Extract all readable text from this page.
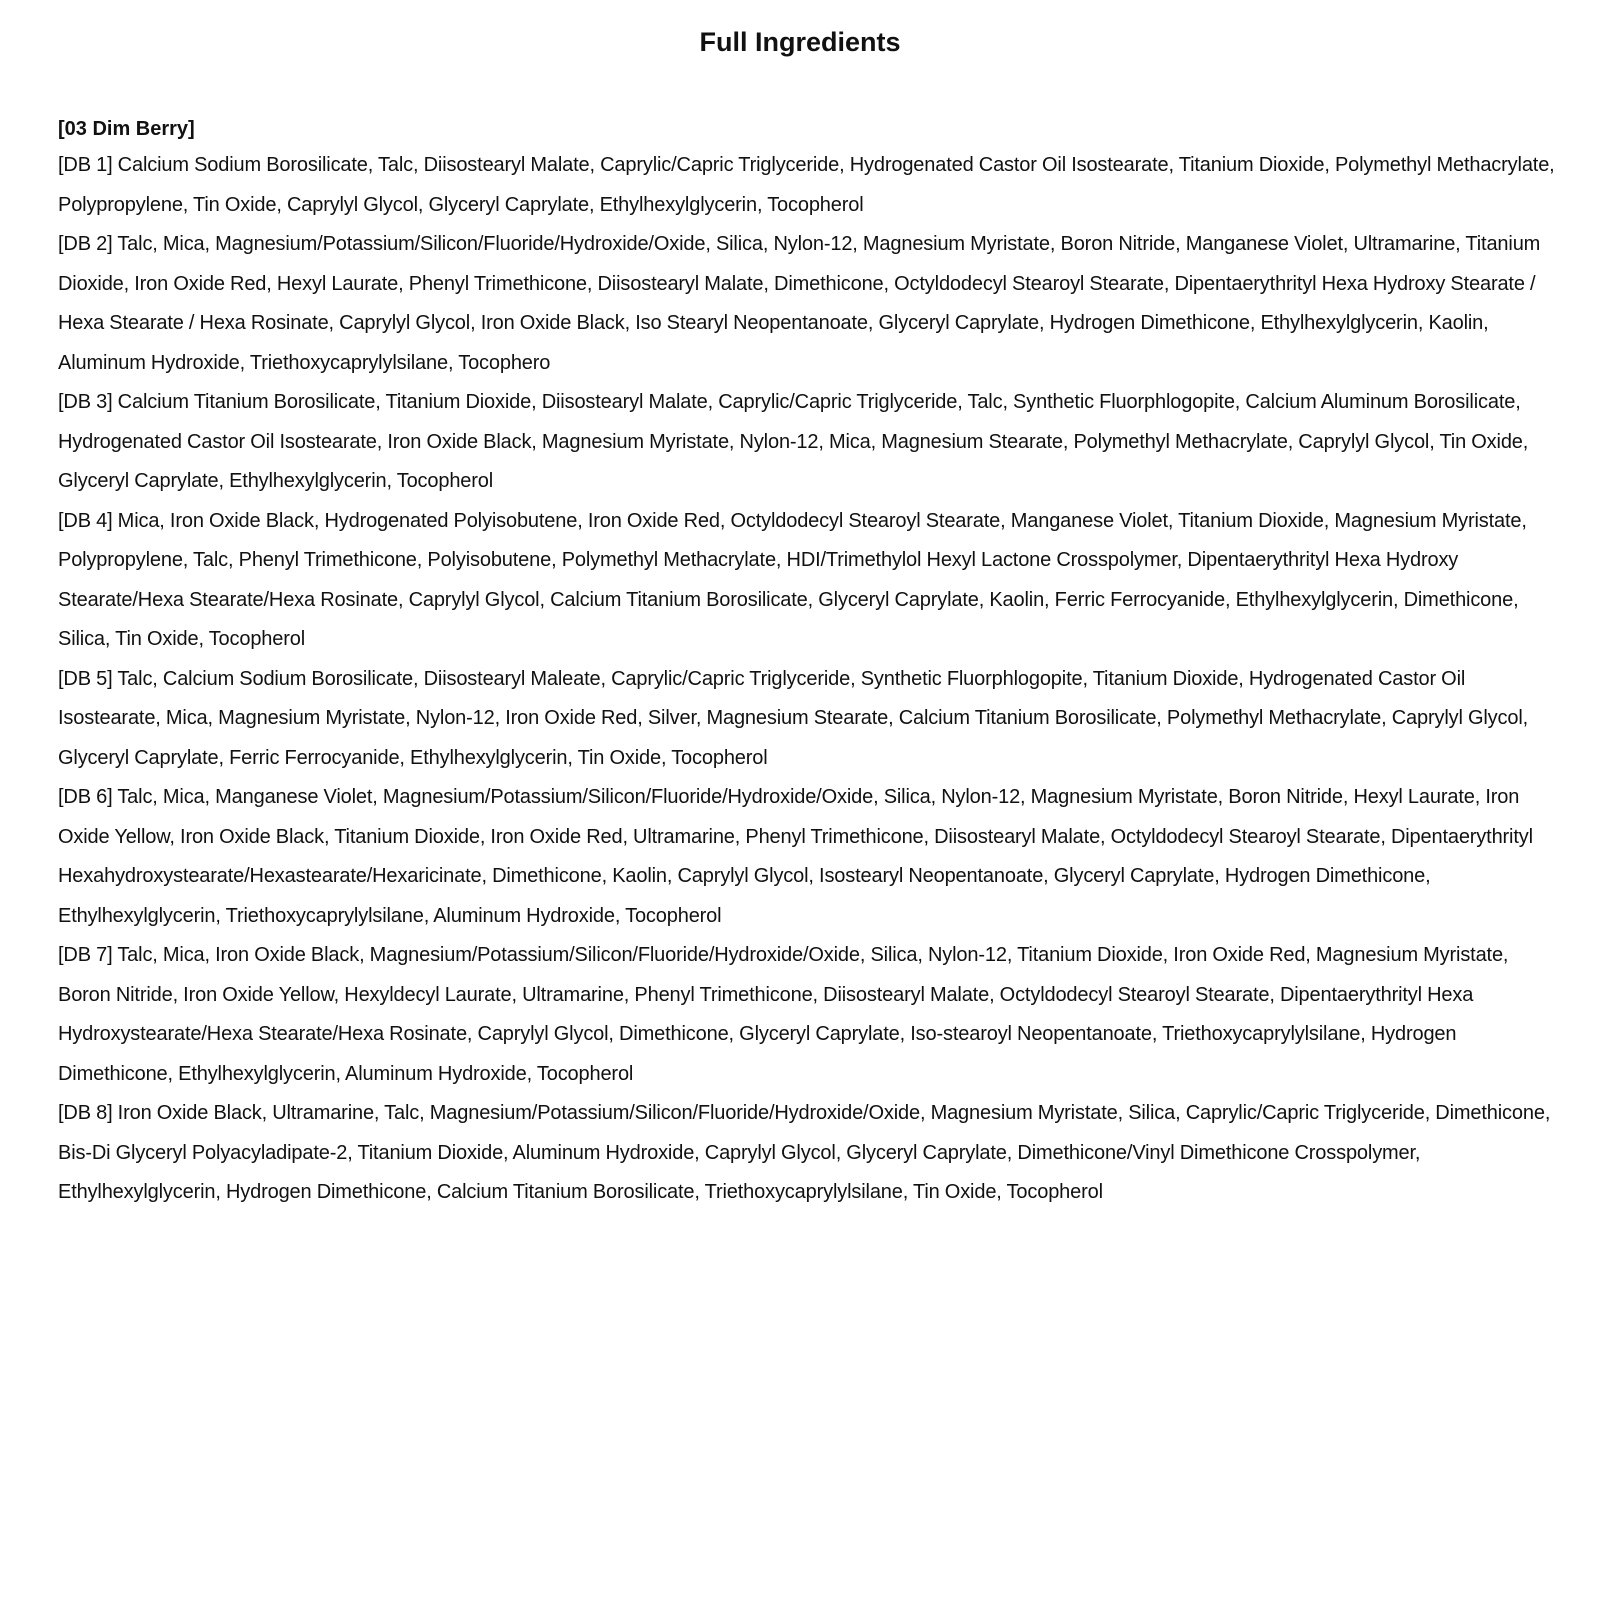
Full Ingredients

[03 Dim Berry]

[DB 1] Calcium Sodium Borosilicate, Talc, Diisostearyl Malate, Caprylic/Capric Triglyceride, Hydrogenated Castor Oil Isostearate, Titanium Dioxide, Polymethyl Methacrylate, Polypropylene, Tin Oxide, Caprylyl Glycol, Glyceryl Caprylate, Ethylhexylglycerin, Tocopherol

[DB 2] Talc, Mica, Magnesium/Potassium/Silicon/Fluoride/Hydroxide/Oxide, Silica, Nylon-12, Magnesium Myristate, Boron Nitride, Manganese Violet, Ultramarine, Titanium Dioxide, Iron Oxide Red, Hexyl Laurate, Phenyl Trimethicone, Diisostearyl Malate, Dimethicone, Octyldodecyl Stearoyl Stearate, Dipentaerythrityl Hexa Hydroxy Stearate / Hexa Stearate / Hexa Rosinate, Caprylyl Glycol, Iron Oxide Black, Iso Stearyl Neopentanoate, Glyceryl Caprylate, Hydrogen Dimethicone, Ethylhexylglycerin, Kaolin, Aluminum Hydroxide, Triethoxycaprylylsilane, Tocophero

[DB 3] Calcium Titanium Borosilicate, Titanium Dioxide, Diisostearyl Malate, Caprylic/Capric Triglyceride, Talc, Synthetic Fluorphlogopite, Calcium Aluminum Borosilicate, Hydrogenated Castor Oil Isostearate, Iron Oxide Black, Magnesium Myristate, Nylon-12, Mica, Magnesium Stearate, Polymethyl Methacrylate, Caprylyl Glycol, Tin Oxide, Glyceryl Caprylate, Ethylhexylglycerin, Tocopherol

[DB 4] Mica, Iron Oxide Black, Hydrogenated Polyisobutene, Iron Oxide Red, Octyldodecyl Stearoyl Stearate, Manganese Violet, Titanium Dioxide, Magnesium Myristate, Polypropylene, Talc, Phenyl Trimethicone, Polyisobutene, Polymethyl Methacrylate, HDI/Trimethylol Hexyl Lactone Crosspolymer, Dipentaerythrityl Hexa Hydroxy Stearate/Hexa Stearate/Hexa Rosinate, Caprylyl Glycol, Calcium Titanium Borosilicate, Glyceryl Caprylate, Kaolin, Ferric Ferrocyanide, Ethylhexylglycerin, Dimethicone, Silica, Tin Oxide, Tocopherol

[DB 5] Talc, Calcium Sodium Borosilicate, Diisostearyl Maleate, Caprylic/Capric Triglyceride, Synthetic Fluorphlogopite, Titanium Dioxide, Hydrogenated Castor Oil Isostearate, Mica, Magnesium Myristate, Nylon-12, Iron Oxide Red, Silver, Magnesium Stearate, Calcium Titanium Borosilicate, Polymethyl Methacrylate, Caprylyl Glycol, Glyceryl Caprylate, Ferric Ferrocyanide, Ethylhexylglycerin, Tin Oxide, Tocopherol

[DB 6] Talc, Mica, Manganese Violet, Magnesium/Potassium/Silicon/Fluoride/Hydroxide/Oxide, Silica, Nylon-12, Magnesium Myristate, Boron Nitride, Hexyl Laurate, Iron Oxide Yellow, Iron Oxide Black, Titanium Dioxide, Iron Oxide Red, Ultramarine, Phenyl Trimethicone, Diisostearyl Malate, Octyldodecyl Stearoyl Stearate, Dipentaerythrityl Hexahydroxystearate/Hexastearate/Hexaricinate, Dimethicone, Kaolin, Caprylyl Glycol, Isostearyl Neopentanoate, Glyceryl Caprylate, Hydrogen Dimethicone, Ethylhexylglycerin, Triethoxycaprylylsilane, Aluminum Hydroxide, Tocopherol

[DB 7] Talc, Mica, Iron Oxide Black, Magnesium/Potassium/Silicon/Fluoride/Hydroxide/Oxide, Silica, Nylon-12, Titanium Dioxide, Iron Oxide Red, Magnesium Myristate, Boron Nitride, Iron Oxide Yellow, Hexyldecyl Laurate, Ultramarine, Phenyl Trimethicone, Diisostearyl Malate, Octyldodecyl Stearoyl Stearate, Dipentaerythrityl Hexa Hydroxystearate/Hexa Stearate/Hexa Rosinate, Caprylyl Glycol, Dimethicone, Glyceryl Caprylate, Iso-stearoyl Neopentanoate, Triethoxycaprylylsilane, Hydrogen Dimethicone, Ethylhexylglycerin, Aluminum Hydroxide, Tocopherol

[DB 8] Iron Oxide Black, Ultramarine, Talc, Magnesium/Potassium/Silicon/Fluoride/Hydroxide/Oxide, Magnesium Myristate, Silica, Caprylic/Capric Triglyceride, Dimethicone, Bis-Di Glyceryl Polyacyladipate-2, Titanium Dioxide, Aluminum Hydroxide, Caprylyl Glycol, Glyceryl Caprylate, Dimethicone/Vinyl Dimethicone Crosspolymer, Ethylhexylglycerin, Hydrogen Dimethicone, Calcium Titanium Borosilicate, Triethoxycaprylylsilane, Tin Oxide, Tocopherol
